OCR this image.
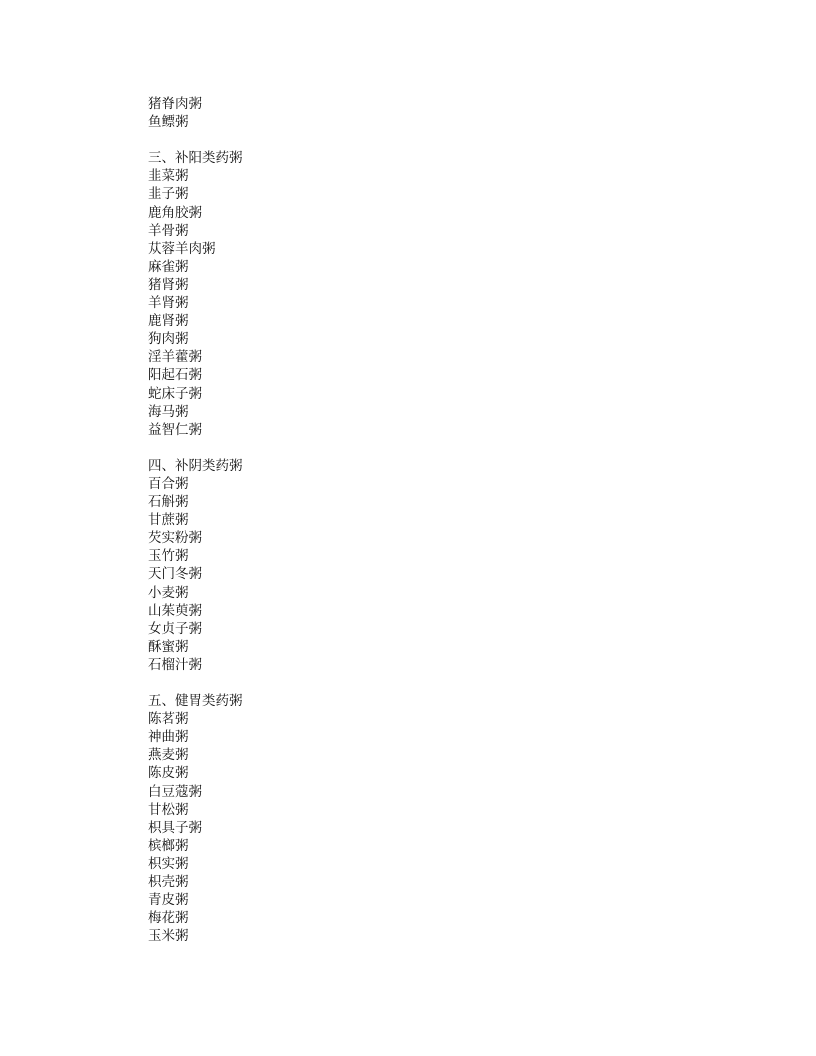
猪脊肉粥
鱼鳔粥
三、补阳类药粥
韭菜粥
韭子粥
鹿角胶粥
羊骨粥
苁蓉羊肉粥
麻雀粥
猪肾粥
羊肾粥
鹿肾粥
狗肉粥
淫羊藿粥
阳起石粥
蛇床子粥
海马粥
益智仁粥
四、补阴类药粥
百合粥
石斛粥
甘蔗粥
芡实粉粥
玉竹粥
天门冬粥
小麦粥
山茱萸粥
女贞子粥
酥蜜粥
石榴汁粥
五、健胃类药粥
陈茗粥
神曲粥
燕麦粥
陈皮粥
白豆蔻粥
甘松粥
枳具子粥
槟榔粥
枳实粥
枳壳粥
青皮粥
梅花粥
玉米粥
